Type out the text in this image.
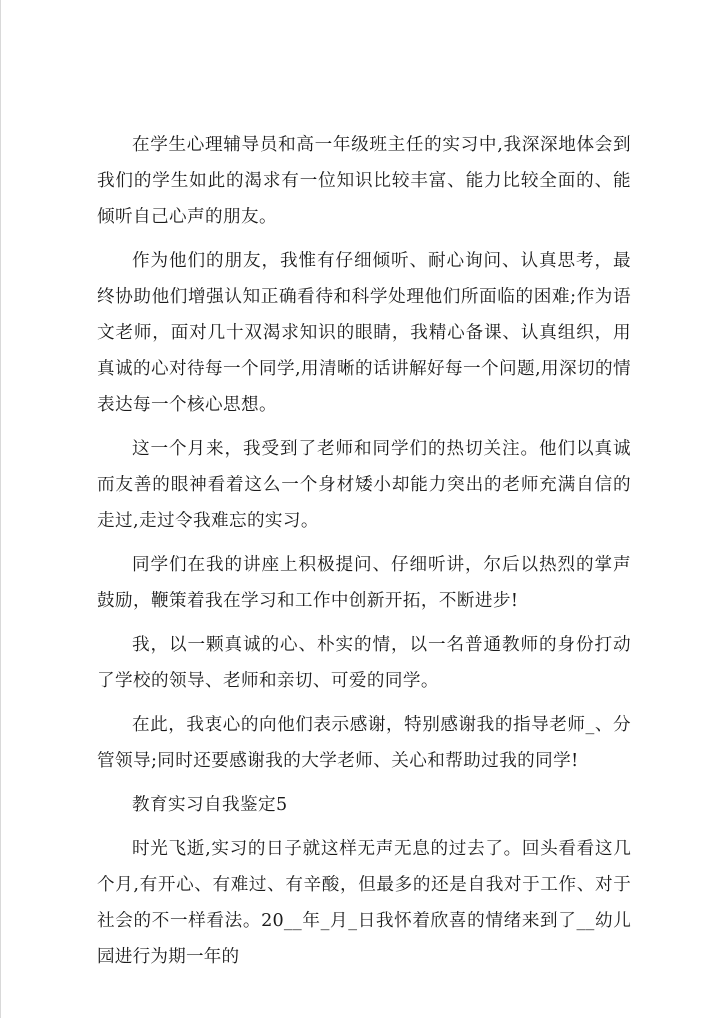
在学生心理辅导员和高一年级班主任的实习中,我深深地体会到我们的学生如此的渴求有一位知识比较丰富、能力比较全面的、能倾听自己心声的朋友。

作为他们的朋友，我惟有仔细倾听、耐心询问、认真思考，最终协助他们增强认知正确看待和科学处理他们所面临的困难;作为语文老师，面对几十双渴求知识的眼睛，我精心备课、认真组织，用真诚的心对待每一个同学,用清晰的话讲解好每一个问题,用深切的情表达每一个核心思想。

这一个月来，我受到了老师和同学们的热切关注。他们以真诚而友善的眼神看着这么一个身材矮小却能力突出的老师充满自信的走过,走过令我难忘的实习。

同学们在我的讲座上积极提问、仔细听讲，尔后以热烈的掌声鼓励，鞭策着我在学习和工作中创新开拓，不断进步!

我，以一颗真诚的心、朴实的情，以一名普通教师的身份打动了学校的领导、老师和亲切、可爱的同学。

在此，我衷心的向他们表示感谢，特别感谢我的指导老师_、分管领导;同时还要感谢我的大学老师、关心和帮助过我的同学!

教育实习自我鉴定5

时光飞逝,实习的日子就这样无声无息的过去了。回头看看这几个月,有开心、有难过、有辛酸，但最多的还是自我对于工作、对于社会的不一样看法。20__年_月_日我怀着欣喜的情绪来到了__幼儿园进行为期一年的
